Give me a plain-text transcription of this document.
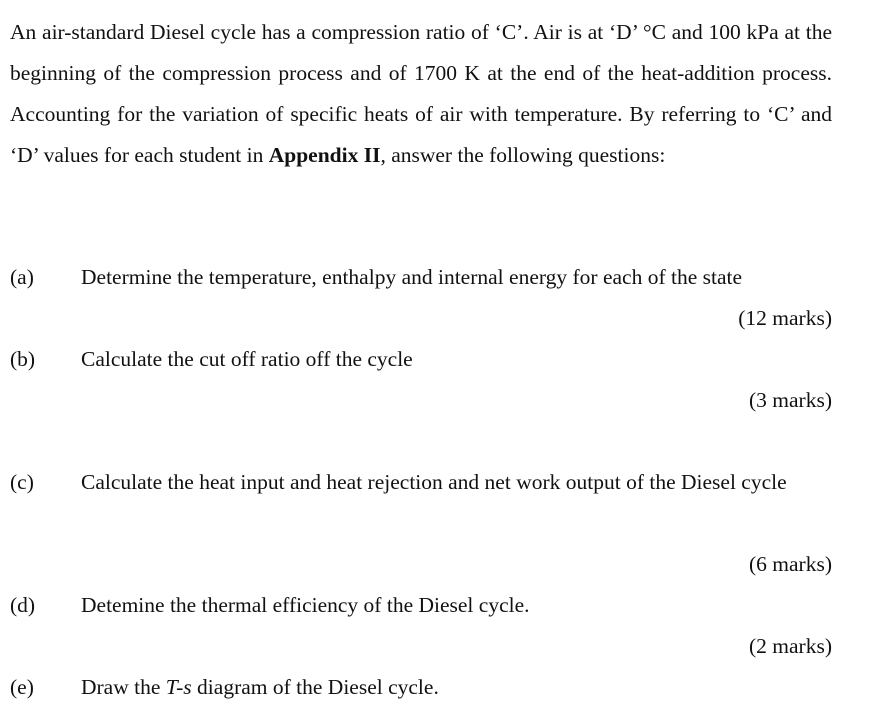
An air-standard Diesel cycle has a compression ratio of ‘C’. Air is at ‘D’ °C and 100 kPa at the beginning of the compression process and of 1700 K at the end of the heat-addition process. Accounting for the variation of specific heats of air with temperature. By referring to ‘C’ and ‘D’ values for each student in Appendix II, answer the following questions:

(a)	Determine the temperature, enthalpy and internal energy for each of the state
(12 marks)
(b)	Calculate the cut off ratio off the cycle
(3 marks)
(c)	Calculate the heat input and heat rejection and net work output of the Diesel cycle
(6 marks)
(d)	Detemine the thermal efficiency of the Diesel cycle.
(2 marks)
(e)	Draw the T-s diagram of the Diesel cycle.
